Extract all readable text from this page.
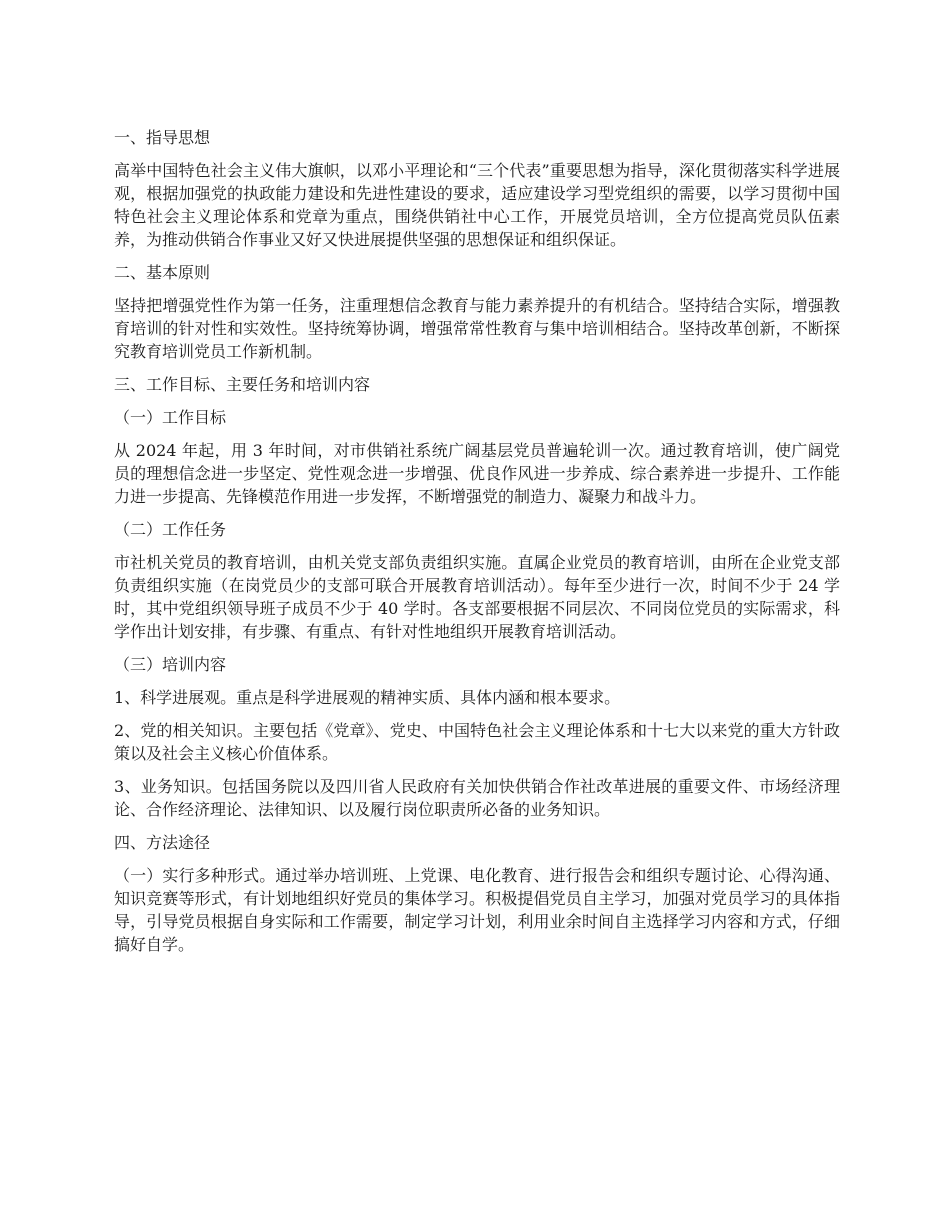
一、指导思想

高举中国特色社会主义伟大旗帜，以邓小平理论和“三个代表”重要思想为指导，深化贯彻落实科学进展观，根据加强党的执政能力建设和先进性建设的要求，适应建设学习型党组织的需要，以学习贯彻中国特色社会主义理论体系和党章为重点，围绕供销社中心工作，开展党员培训，全方位提高党员队伍素养，为推动供销合作事业又好又快进展提供坚强的思想保证和组织保证。

二、基本原则

坚持把增强党性作为第一任务，注重理想信念教育与能力素养提升的有机结合。坚持结合实际，增强教育培训的针对性和实效性。坚持统筹协调，增强常常性教育与集中培训相结合。坚持改革创新，不断探究教育培训党员工作新机制。

三、工作目标、主要任务和培训内容

（一）工作目标

从 2024 年起，用 3 年时间，对市供销社系统广阔基层党员普遍轮训一次。通过教育培训，使广阔党员的理想信念进一步坚定、党性观念进一步增强、优良作风进一步养成、综合素养进一步提升、工作能力进一步提高、先锋模范作用进一步发挥，不断增强党的制造力、凝聚力和战斗力。

（二）工作任务

市社机关党员的教育培训，由机关党支部负责组织实施。直属企业党员的教育培训，由所在企业党支部负责组织实施（在岗党员少的支部可联合开展教育培训活动）。每年至少进行一次，时间不少于 24 学时，其中党组织领导班子成员不少于 40 学时。各支部要根据不同层次、不同岗位党员的实际需求，科学作出计划安排，有步骤、有重点、有针对性地组织开展教育培训活动。

（三）培训内容

1、科学进展观。重点是科学进展观的精神实质、具体内涵和根本要求。

2、党的相关知识。主要包括《党章》、党史、中国特色社会主义理论体系和十七大以来党的重大方针政策以及社会主义核心价值体系。

3、业务知识。包括国务院以及四川省人民政府有关加快供销合作社改革进展的重要文件、市场经济理论、合作经济理论、法律知识、以及履行岗位职责所必备的业务知识。

四、方法途径

（一）实行多种形式。通过举办培训班、上党课、电化教育、进行报告会和组织专题讨论、心得沟通、知识竞赛等形式，有计划地组织好党员的集体学习。积极提倡党员自主学习，加强对党员学习的具体指导，引导党员根据自身实际和工作需要，制定学习计划，利用业余时间自主选择学习内容和方式，仔细搞好自学。
